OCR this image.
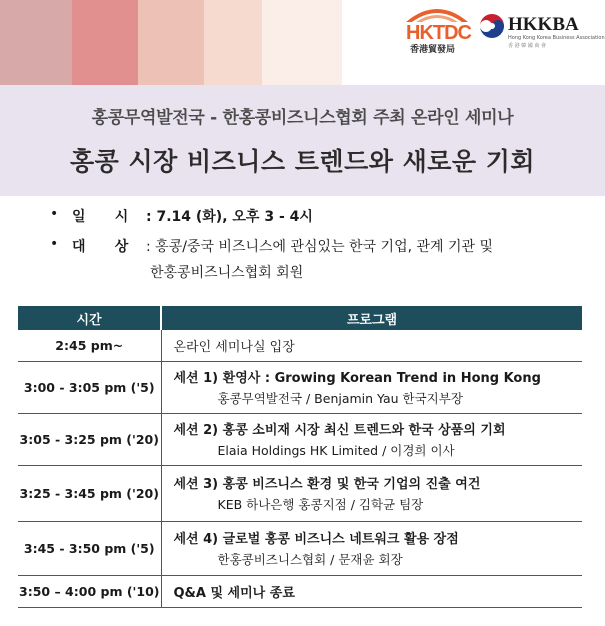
HKTDC
香港貿發局
HKKBA
Hong Kong Korea Business Association
香 港 韓 國 商 會
홍콩무역발전국 - 한홍콩비즈니스협회 주최 온라인 세미나
홍콩 시장 비즈니스 트렌드와 새로운 기회
• 일      시 : 7.14 (화), 오후 3 - 4시
• 대      상 : 홍콩/중국 비즈니스에 관심있는 한국 기업, 관계 기관 및
한홍콩비즈니스협회 회원
시간	프로그램
2:45 pm~	온라인 세미나실 입장

3:00 - 3:05 pm ('5)	세션 1) 환영사 : Growing Korean Trend in Hong Kong
홍콩무역발전국 / Benjamin Yau 한국지부장

3:05 - 3:25 pm ('20)	세션 2) 홍콩 소비재 시장 최신 트렌드와 한국 상품의 기회
Elaia Holdings HK Limited / 이경희 이사

3:25 - 3:45 pm ('20)	세션 3) 홍콩 비즈니스 환경 및 한국 기업의 진출 여건
KEB 하나은행 홍콩지점 / 김학균 팀장

3:45 - 3:50 pm ('5)	세션 4) 글로벌 홍콩 비즈니스 네트워크 활용 장점
한홍콩비즈니스협회 / 문재윤 회장

3:50 – 4:00 pm ('10)	Q&A 및 세미나 종료
